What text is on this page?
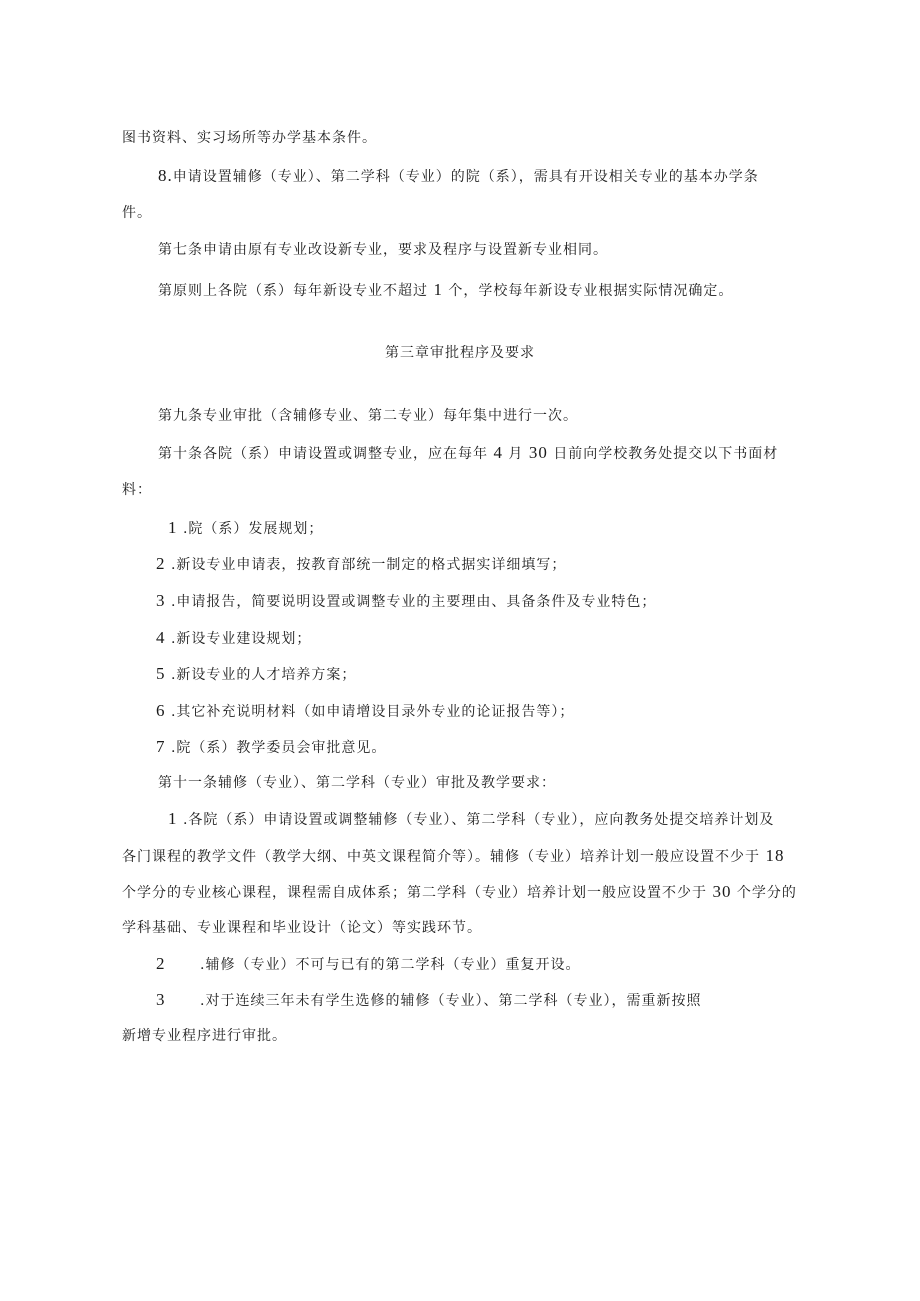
图书资料、实习场所等办学基本条件。
8.申请设置辅修（专业）、第二学科（专业）的院（系），需具有开设相关专业的基本办学条
件。
第七条申请由原有专业改设新专业，要求及程序与设置新专业相同。
第原则上各院（系）每年新设专业不超过 1 个，学校每年新设专业根据实际情况确定。
第三章审批程序及要求
第九条专业审批（含辅修专业、第二专业）每年集中进行一次。
第十条各院（系）申请设置或调整专业，应在每年 4 月 30 日前向学校教务处提交以下书面材
料：
1 .院（系）发展规划；
2 .新设专业申请表，按教育部统一制定的格式据实详细填写；
3 .申请报告，简要说明设置或调整专业的主要理由、具备条件及专业特色；
4 .新设专业建设规划；
5 .新设专业的人才培养方案；
6 .其它补充说明材料（如申请增设目录外专业的论证报告等）；
7 .院（系）教学委员会审批意见。
第十一条辅修（专业）、第二学科（专业）审批及教学要求：
1 .各院（系）申请设置或调整辅修（专业）、第二学科（专业），应向教务处提交培养计划及
各门课程的教学文件（教学大纲、中英文课程简介等）。辅修（专业）培养计划一般应设置不少于 18
个学分的专业核心课程，课程需自成体系；第二学科（专业）培养计划一般应设置不少于 30 个学分的
学科基础、专业课程和毕业设计（论文）等实践环节。
2 .辅修（专业）不可与已有的第二学科（专业）重复开设。
3 .对于连续三年未有学生选修的辅修（专业）、第二学科（专业），需重新按照
新增专业程序进行审批。
